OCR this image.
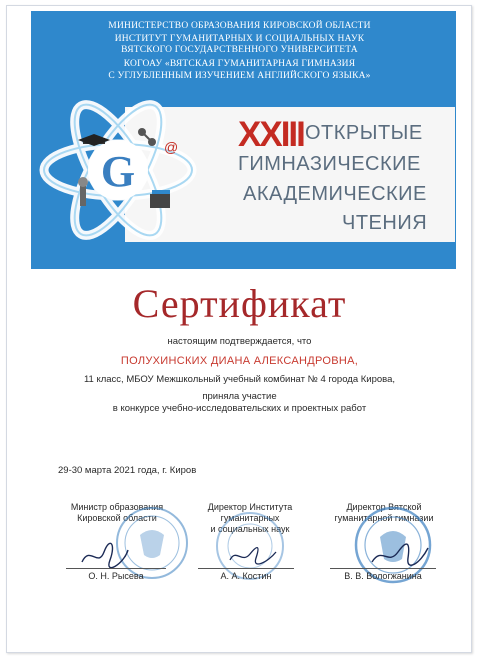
МИНИСТЕРСТВО ОБРАЗОВАНИЯ КИРОВСКОЙ ОБЛАСТИ
ИНСТИТУТ ГУМАНИТАРНЫХ И СОЦИАЛЬНЫХ НАУК
ВЯТСКОГО ГОСУДАРСТВЕННОГО УНИВЕРСИТЕТА
КОГОАУ «ВЯТСКАЯ ГУМАНИТАРНАЯ ГИМНАЗИЯ
С УГЛУБЛЕННЫМ ИЗУЧЕНИЕМ АНГЛИЙСКОГО ЯЗЫКА»
G @ XXIII ОТКРЫТЫЕ
ГИМНАЗИЧЕСКИЕ
АКАДЕМИЧЕСКИЕ
ЧТЕНИЯ
Сертификат
настоящим подтверждается, что
ПОЛУХИНСКИХ ДИАНА АЛЕКСАНДРОВНА,
11 класс, МБОУ Межшкольный учебный комбинат № 4 города Кирова,
приняла участие
в конкурсе учебно-исследовательских и проектных работ
29-30 марта 2021 года, г. Киров
Министр образования
Кировской области
О. Н. Рысева
Директор Института
гуманитарных
и социальных наук
А. А. Костин
Директор Вятской
гуманитарной гимназии
В. В. Вологжанина
